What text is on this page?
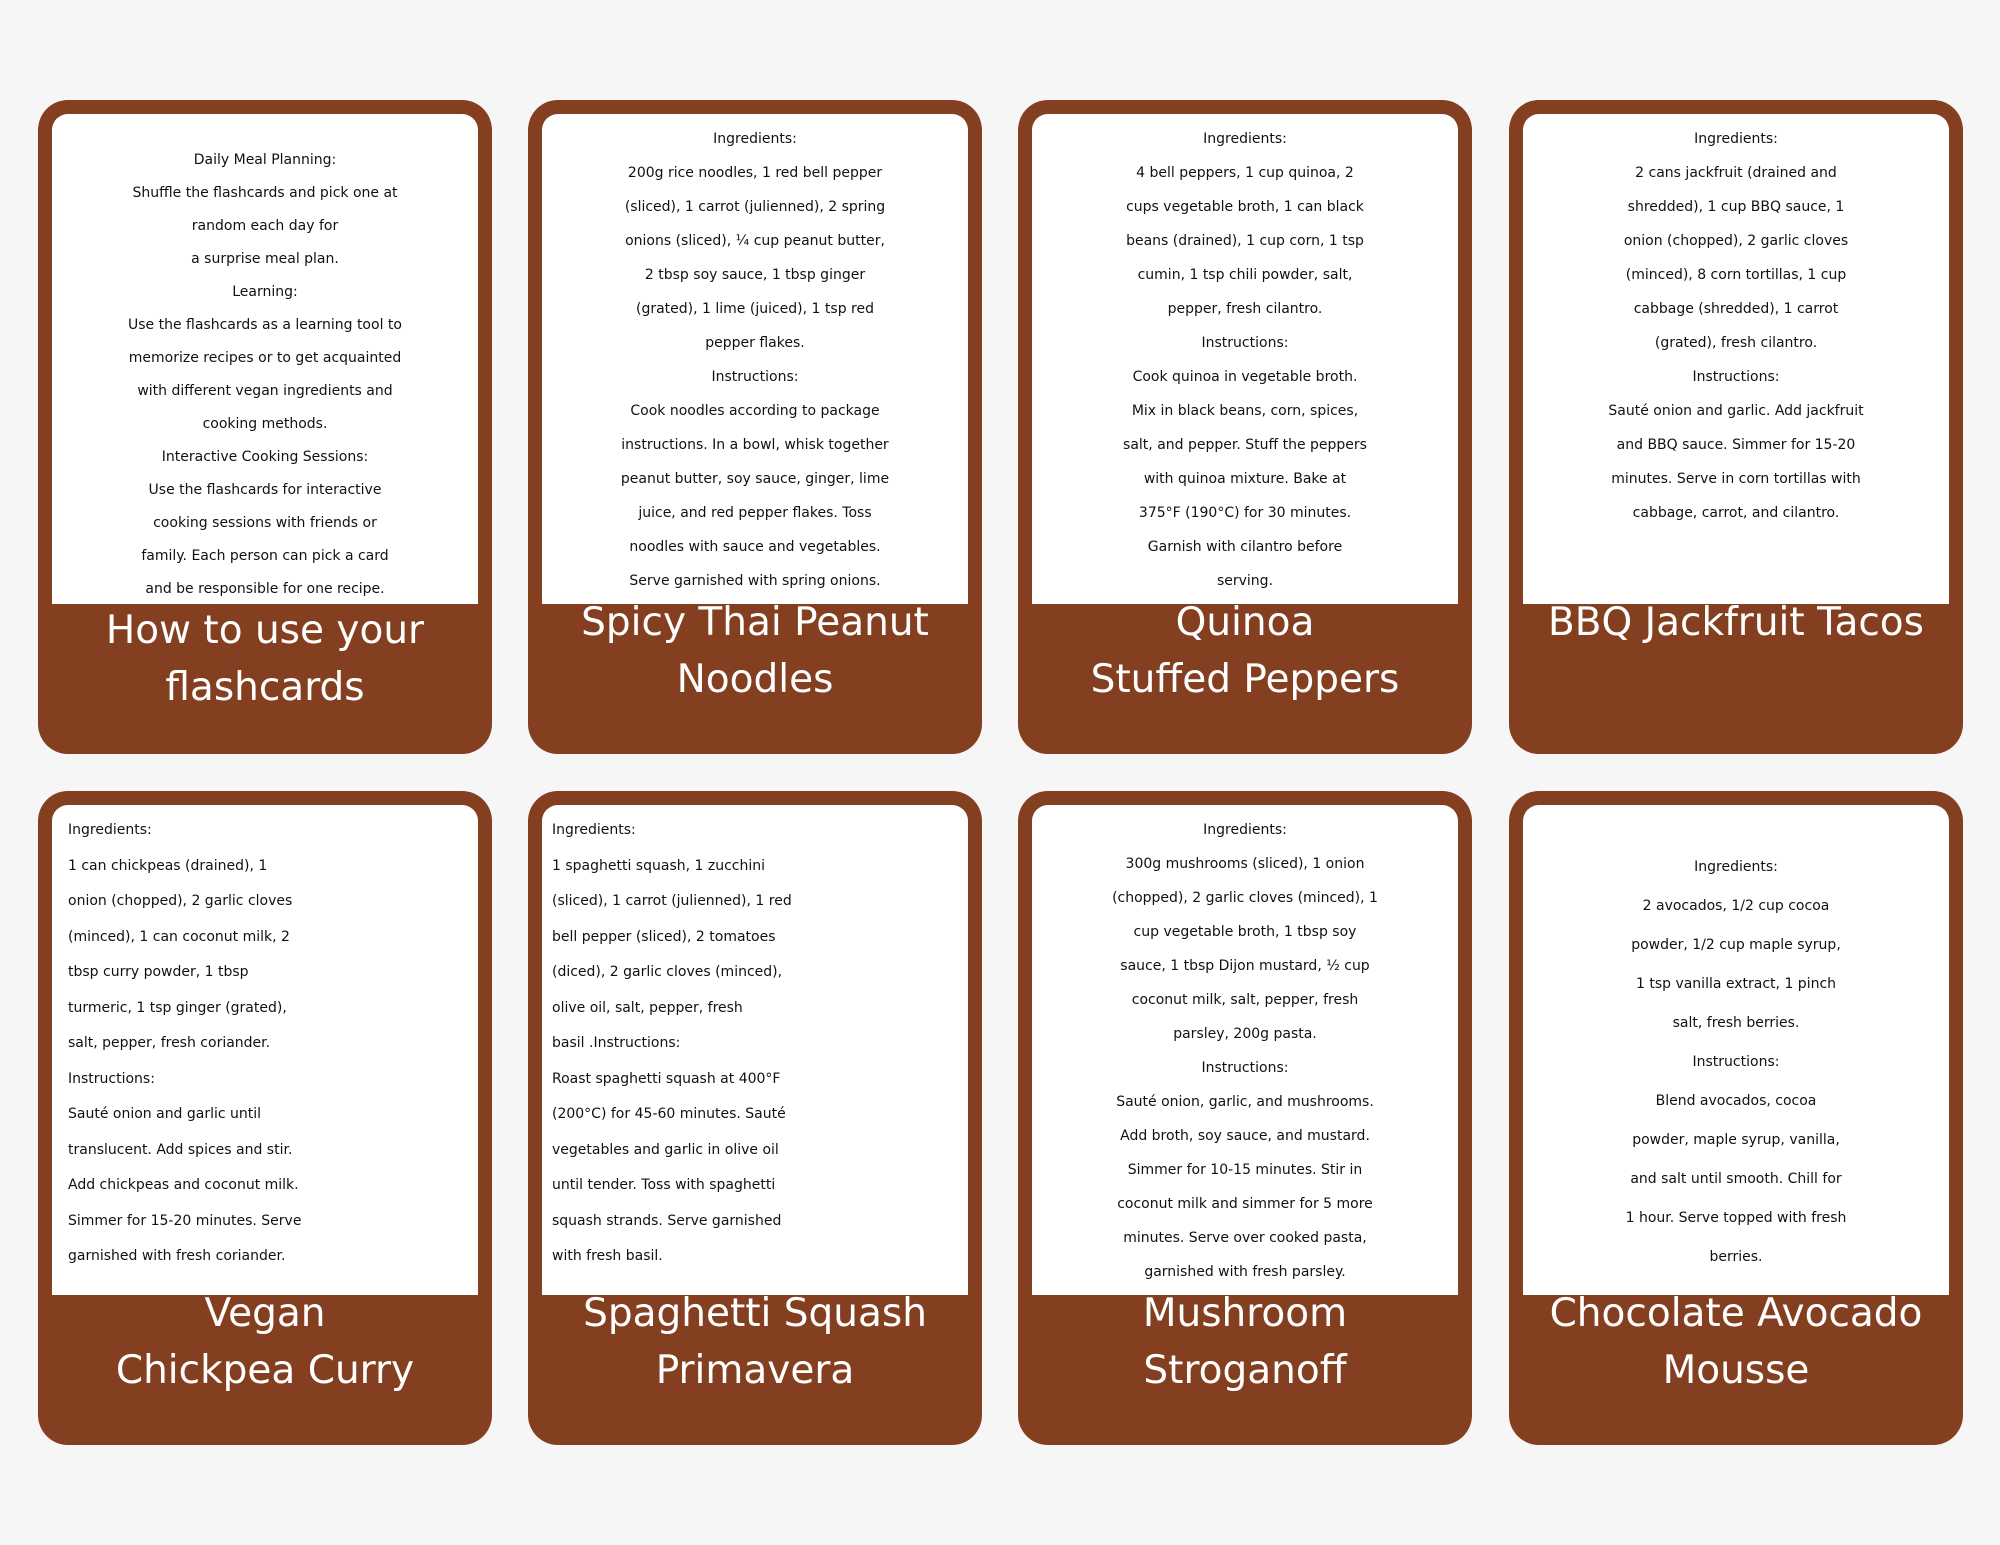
Daily Meal Planning:
Shuffle the flashcards and pick one at
random each day for
a surprise meal plan.
Learning:
Use the flashcards as a learning tool to
memorize recipes or to get acquainted
with different vegan ingredients and
cooking methods.
Interactive Cooking Sessions:
Use the flashcards for interactive
cooking sessions with friends or
family. Each person can pick a card
and be responsible for one recipe.
How to use your
flashcards
Ingredients:
200g rice noodles, 1 red bell pepper
(sliced), 1 carrot (julienned), 2 spring
onions (sliced), ¼ cup peanut butter,
2 tbsp soy sauce, 1 tbsp ginger
(grated), 1 lime (juiced), 1 tsp red
pepper flakes.
Instructions:
Cook noodles according to package
instructions. In a bowl, whisk together
peanut butter, soy sauce, ginger, lime
juice, and red pepper flakes. Toss
noodles with sauce and vegetables.
Serve garnished with spring onions.
Spicy Thai Peanut
Noodles
Ingredients:
4 bell peppers, 1 cup quinoa, 2
cups vegetable broth, 1 can black
beans (drained), 1 cup corn, 1 tsp
cumin, 1 tsp chili powder, salt,
pepper, fresh cilantro.
Instructions:
Cook quinoa in vegetable broth.
Mix in black beans, corn, spices,
salt, and pepper. Stuff the peppers
with quinoa mixture. Bake at
375°F (190°C) for 30 minutes.
Garnish with cilantro before
serving.
Quinoa
Stuffed Peppers
Ingredients:
2 cans jackfruit (drained and
shredded), 1 cup BBQ sauce, 1
onion (chopped), 2 garlic cloves
(minced), 8 corn tortillas, 1 cup
cabbage (shredded), 1 carrot
(grated), fresh cilantro.
Instructions:
Sauté onion and garlic. Add jackfruit
and BBQ sauce. Simmer for 15-20
minutes. Serve in corn tortillas with
cabbage, carrot, and cilantro.
BBQ Jackfruit Tacos
Ingredients:
1 can chickpeas (drained), 1
onion (chopped), 2 garlic cloves
(minced), 1 can coconut milk, 2
tbsp curry powder, 1 tbsp
turmeric, 1 tsp ginger (grated),
salt, pepper, fresh coriander.
Instructions:
Sauté onion and garlic until
translucent. Add spices and stir.
Add chickpeas and coconut milk.
Simmer for 15-20 minutes. Serve
garnished with fresh coriander.
Vegan
Chickpea Curry
Ingredients:
1 spaghetti squash, 1 zucchini
(sliced), 1 carrot (julienned), 1 red
bell pepper (sliced), 2 tomatoes
(diced), 2 garlic cloves (minced),
olive oil, salt, pepper, fresh
basil .Instructions:
Roast spaghetti squash at 400°F
(200°C) for 45-60 minutes. Sauté
vegetables and garlic in olive oil
until tender. Toss with spaghetti
squash strands. Serve garnished
with fresh basil.
Spaghetti Squash
Primavera
Ingredients:
300g mushrooms (sliced), 1 onion
(chopped), 2 garlic cloves (minced), 1
cup vegetable broth, 1 tbsp soy
sauce, 1 tbsp Dijon mustard, ½ cup
coconut milk, salt, pepper, fresh
parsley, 200g pasta.
Instructions:
Sauté onion, garlic, and mushrooms.
Add broth, soy sauce, and mustard.
Simmer for 10-15 minutes. Stir in
coconut milk and simmer for 5 more
minutes. Serve over cooked pasta,
garnished with fresh parsley.
Mushroom
Stroganoff
Ingredients:
2 avocados, 1/2 cup cocoa
powder, 1/2 cup maple syrup,
1 tsp vanilla extract, 1 pinch
salt, fresh berries.
Instructions:
Blend avocados, cocoa
powder, maple syrup, vanilla,
and salt until smooth. Chill for
1 hour. Serve topped with fresh
berries.
Chocolate Avocado
Mousse
